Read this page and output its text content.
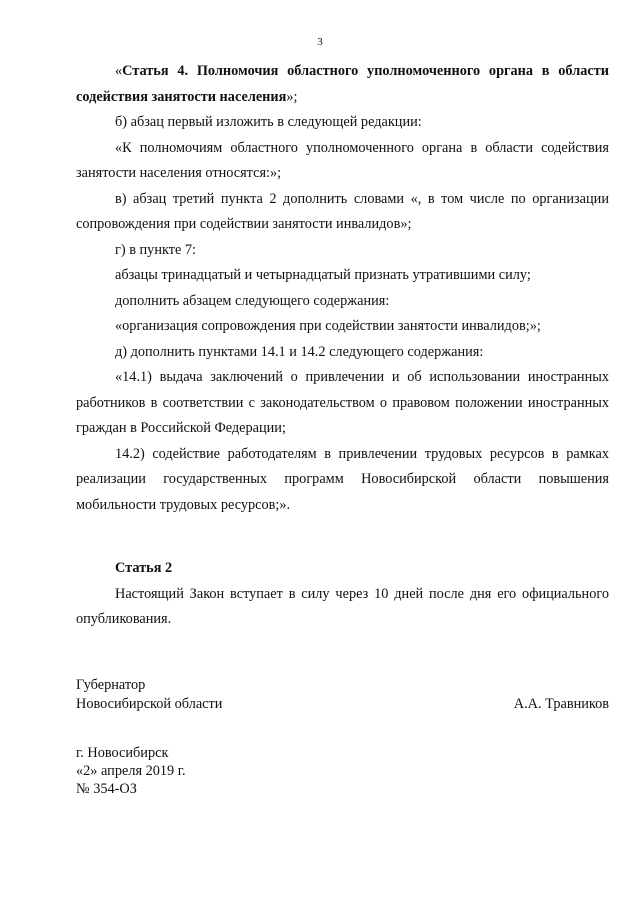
3

«Статья 4. Полномочия областного уполномоченного органа в области содействия занятости населения»;

б) абзац первый изложить в следующей редакции:

«К полномочиям областного уполномоченного органа в области содействия занятости населения относятся:»;

в) абзац третий пункта 2 дополнить словами «, в том числе по организации сопровождения при содействии занятости инвалидов»;

г) в пункте 7:

абзацы тринадцатый и четырнадцатый признать утратившими силу;

дополнить абзацем следующего содержания:

«организация сопровождения при содействии занятости инвалидов;»;

д) дополнить пунктами 14.1 и 14.2 следующего содержания:

«14.1) выдача заключений о привлечении и об использовании иностранных работников в соответствии с законодательством о правовом положении иностранных граждан в Российской Федерации;

14.2) содействие работодателям в привлечении трудовых ресурсов в рамках реализации государственных программ Новосибирской области повышения мобильности трудовых ресурсов;».

Статья 2

Настоящий Закон вступает в силу через 10 дней после дня его официального опубликования.

Губернатор
Новосибирской области	А.А. Травников
г. Новосибирск
«2» апреля 2019 г.
№ 354-ОЗ
